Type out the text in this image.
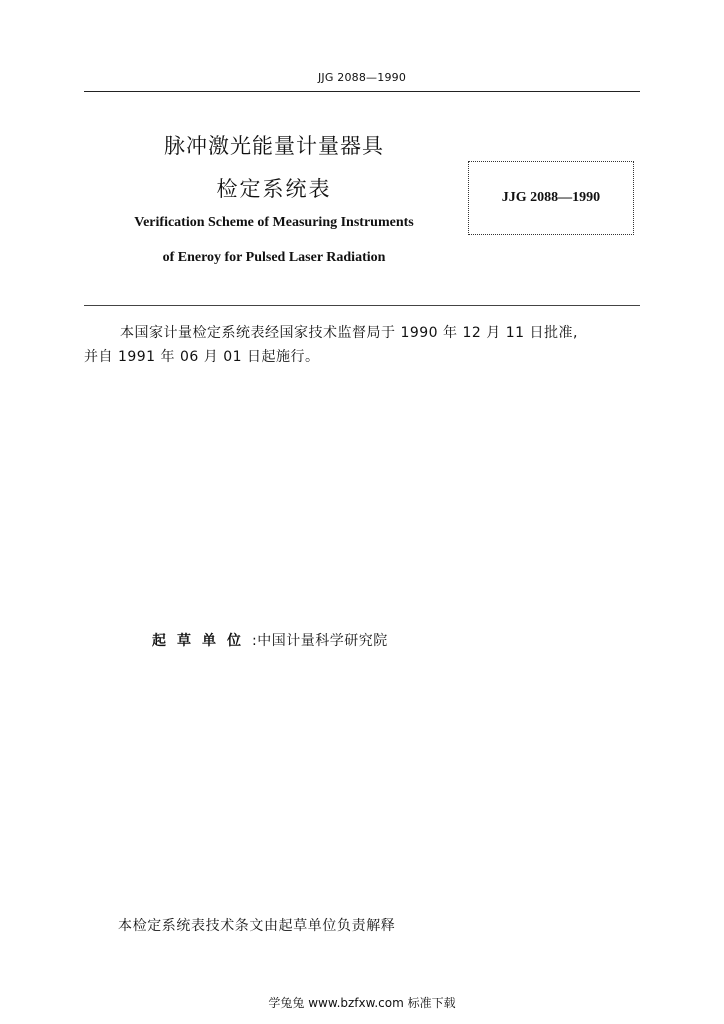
JJG 2088—1990
脉冲激光能量计量器具
检定系统表
Verification Scheme of Measuring Instruments
of Eneroy for Pulsed Laser Radiation
JJG 2088—1990
本国家计量检定系统表经国家技术监督局于 1990 年 12 月 11 日批准,
并自 1991 年 06 月 01 日起施行。
起草单位:中国计量科学研究院
本检定系统表技术条文由起草单位负责解释
学兔兔 www.bzfxw.com 标准下载
